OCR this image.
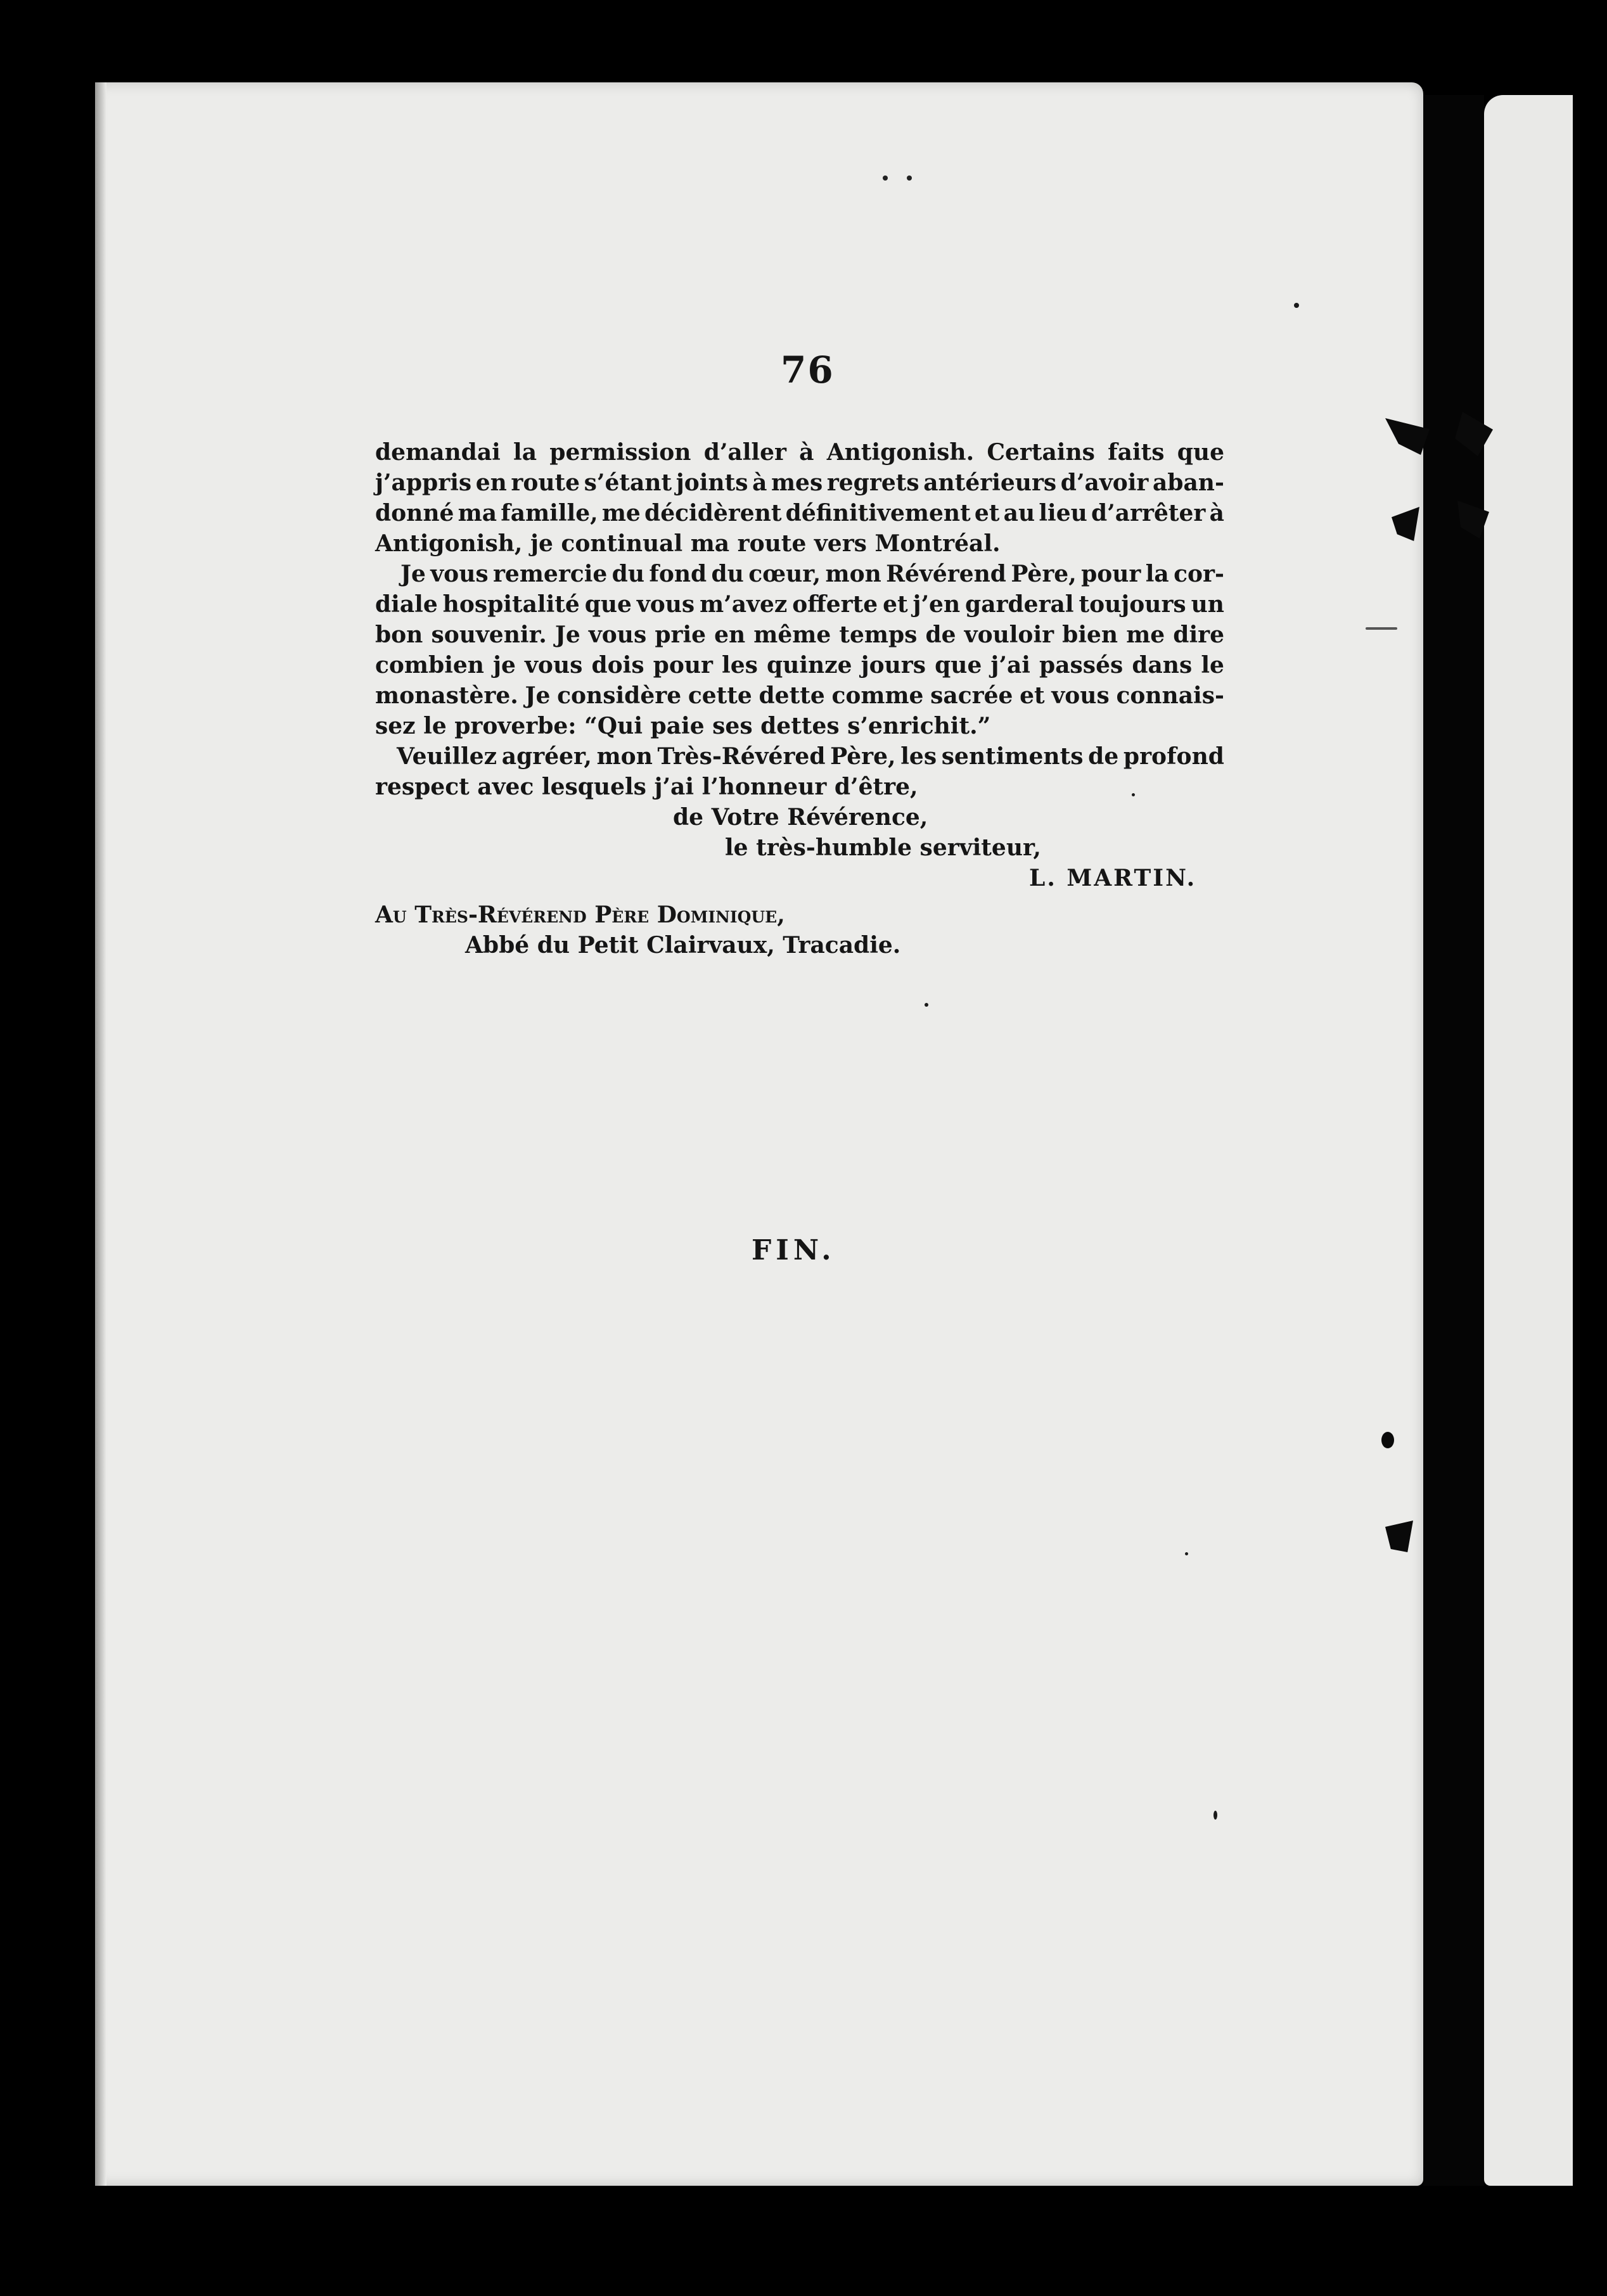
76
demandai la permission d’aller à Antigonish. Certains faits que
j’appris en route s’étant joints à mes regrets antérieurs d’avoir aban-
donné ma famille, me décidèrent définitivement et au lieu d’arrêter à
Antigonish, je continual ma route vers Montréal.
Je vous remercie du fond du cœur, mon Révérend Père, pour la cor-
diale hospitalité que vous m’avez offerte et j’en garderal toujours un
bon souvenir. Je vous prie en même temps de vouloir bien me dire
combien je vous dois pour les quinze jours que j’ai passés dans le
monastère. Je considère cette dette comme sacrée et vous connais-
sez le proverbe: “Qui paie ses dettes s’enrichit.”
Veuillez agréer, mon Très-Révéred Père, les sentiments de profond
respect avec lesquels j’ai l’honneur d’être,
de Votre Révérence,
le très-humble serviteur,
L. MARTIN.
Au Très-Révérend Père Dominique,
Abbé du Petit Clairvaux, Tracadie.
FIN.
